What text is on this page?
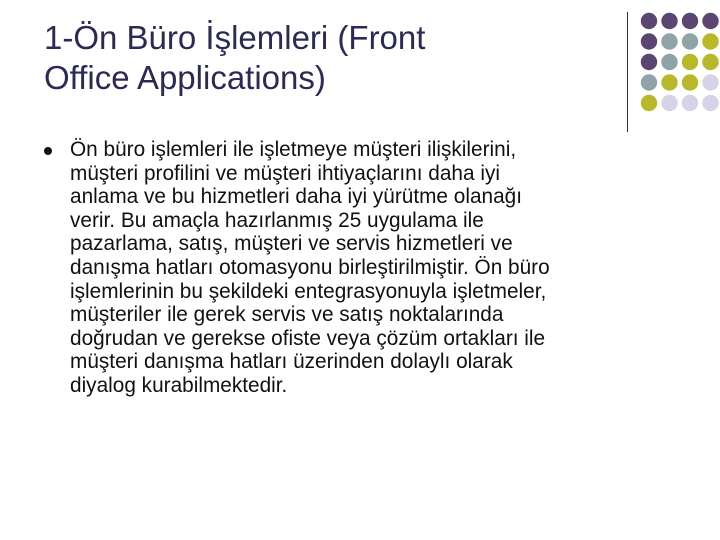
1-Ön Büro İşlemleri (Front
Office Applications)
Ön büro işlemleri ile işletmeye müşteri ilişkilerini,
müşteri profilini ve müşteri ihtiyaçlarını daha iyi
anlama ve bu hizmetleri daha iyi yürütme olanağı
verir. Bu amaçla hazırlanmış 25 uygulama ile
pazarlama, satış, müşteri ve servis hizmetleri ve
danışma hatları otomasyonu birleştirilmiştir. Ön büro
işlemlerinin bu şekildeki entegrasyonuyla işletmeler,
müşteriler ile gerek servis ve satış noktalarında
doğrudan ve gerekse ofiste veya çözüm ortakları ile
müşteri danışma hatları üzerinden dolaylı olarak
diyalog kurabilmektedir.
